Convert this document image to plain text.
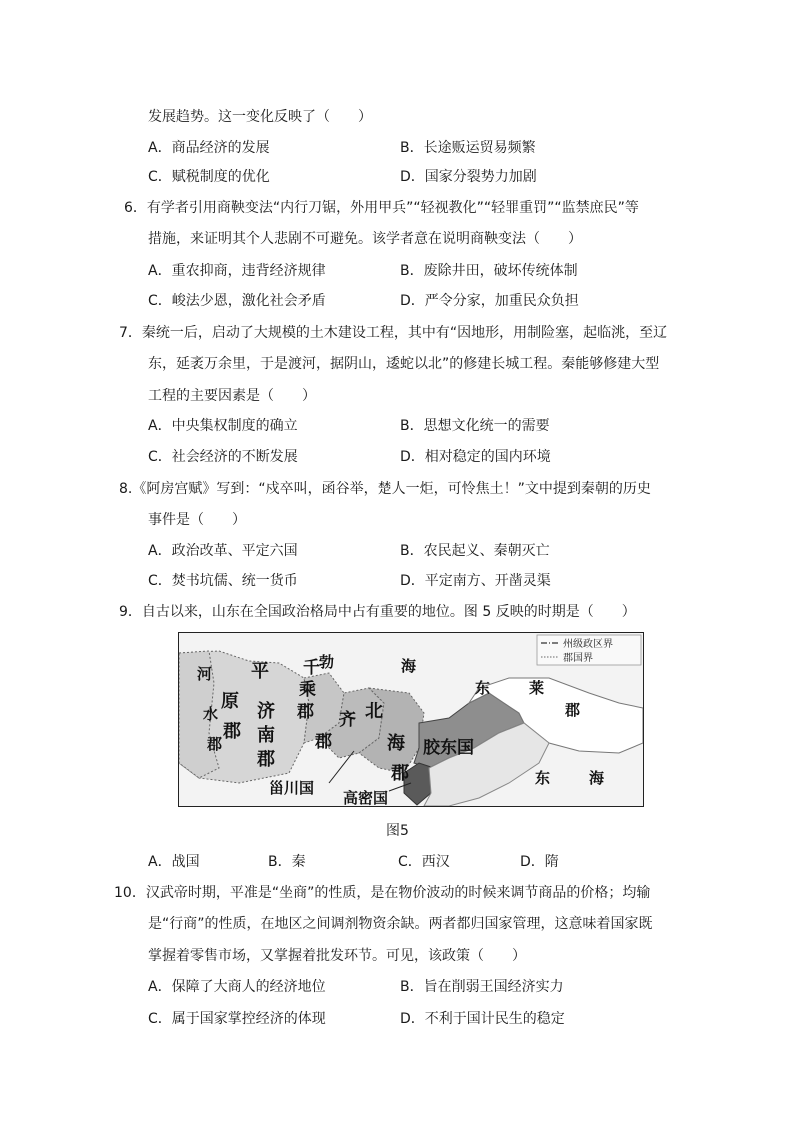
发展趋势。这一变化反映了（　　）
A．商品经济的发展	B．长途贩运贸易频繁
C．赋税制度的优化	D．国家分裂势力加剧
6．有学者引用商鞅变法“内行刀锯，外用甲兵”“轻视教化”“轻罪重罚”“监禁庶民”等
措施，来证明其个人悲剧不可避免。该学者意在说明商鞅变法（　　）
A．重农抑商，违背经济规律	B．废除井田，破坏传统体制
C．峻法少恩，激化社会矛盾	D．严令分家，加重民众负担
7．秦统一后，启动了大规模的土木建设工程，其中有“因地形，用制险塞，起临洮，至辽
东，延袤万余里，于是渡河，据阴山，逶蛇以北”的修建长城工程。秦能够修建大型
工程的主要因素是（　　）
A．中央集权制度的确立	B．思想文化统一的需要
C．社会经济的不断发展	D．相对稳定的国内环境
8.《阿房宫赋》写到：“戍卒叫，函谷举，楚人一炬，可怜焦土！”文中提到秦朝的历史
事件是（　　）
A．政治改革、平定六国	B．农民起义、秦朝灭亡
C．焚书坑儒、统一货币	D．平定南方、开凿灵渠
9．自古以来，山东在全国政治格局中占有重要的地位。图 5 反映的时期是（　　）
州级政区界
郡国界
河
水
郡
平
原
郡
济
南
郡
千
乘
郡 齐
郡
北
海
郡
勃	海
胶东国
东	莱
郡
东	海
甾川国
高密国
图5
A．战国	B．秦	C．西汉	D．隋
10．汉武帝时期，平准是“坐商”的性质，是在物价波动的时候来调节商品的价格；均输
是“行商”的性质，在地区之间调剂物资余缺。两者都归国家管理，这意味着国家既
掌握着零售市场，又掌握着批发环节。可见，该政策（　　）
A．保障了大商人的经济地位	B．旨在削弱王国经济实力
C．属于国家掌控经济的体现	D．不利于国计民生的稳定
